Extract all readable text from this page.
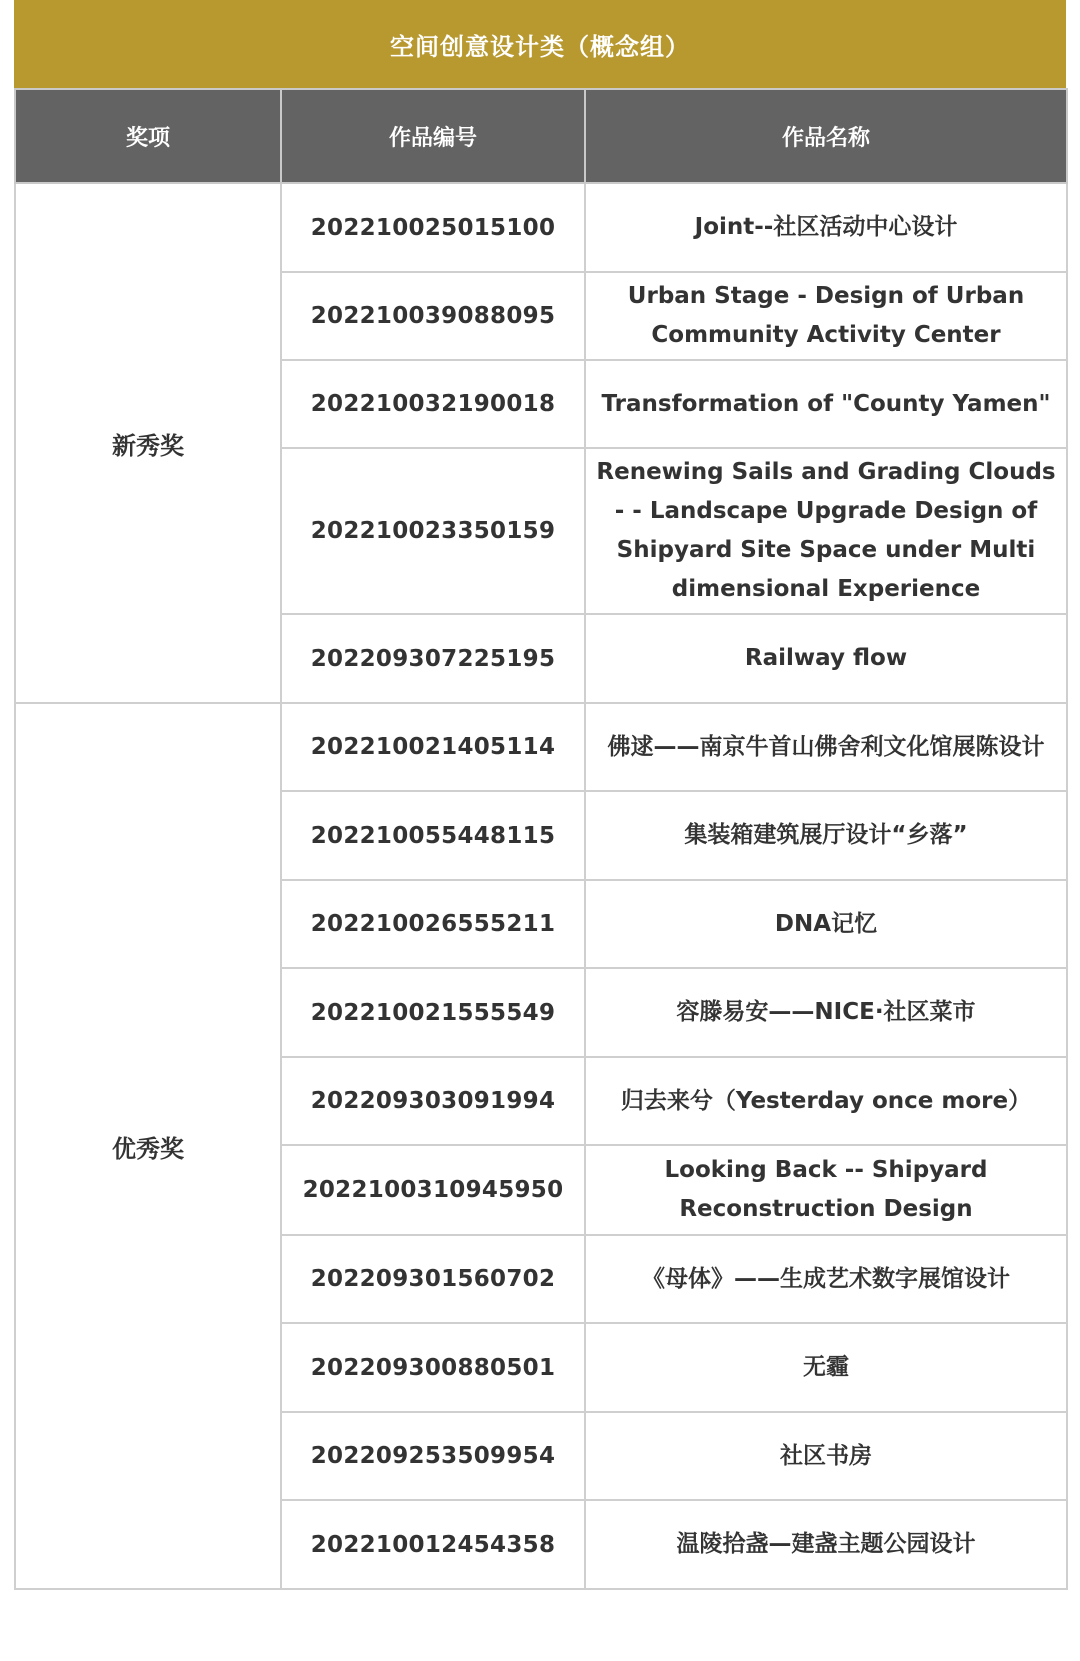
空间创意设计类（概念组）
奖项	作品编号	作品名称
新秀奖	202210025015100	Joint--社区活动中心设计
	202210039088095	Urban Stage - Design of Urban Community Activity Center
	202210032190018	Transformation of "County Yamen"
	202210023350159	Renewing Sails and Grading Clouds - - Landscape Upgrade Design of Shipyard Site Space under Multi dimensional Experience
	202209307225195	Railway flow
优秀奖	202210021405114	佛逑——南京牛首山佛舍利文化馆展陈设计
	202210055448115	集装箱建筑展厅设计“乡落”
	202210026555211	DNA记忆
	202210021555549	容滕易安——NICE·社区菜市
	202209303091994	归去来兮（Yesterday once more）
	2022100310945950	Looking Back -- Shipyard Reconstruction Design
	202209301560702	《母体》——生成艺术数字展馆设计
	202209300880501	无霾
	202209253509954	社区书房
	202210012454358	温陵拾盏—建盏主题公园设计
